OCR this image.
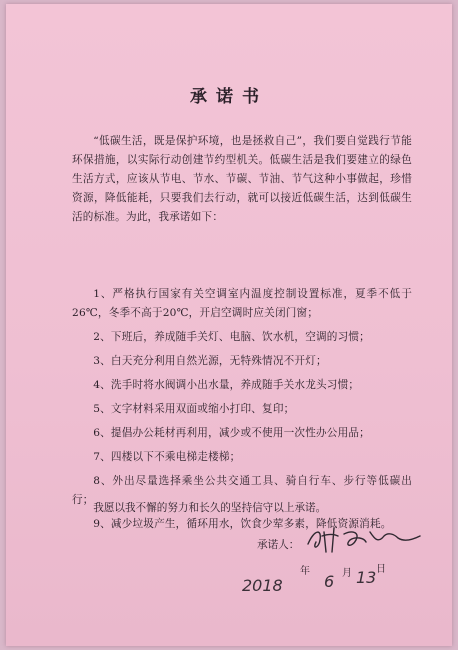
承诺书
“低碳生活，既是保护环境，也是拯救自己”，我们要自觉践行节能环保措施，以实际行动创建节约型机关。低碳生活是我们要建立的绿色生活方式，应该从节电、节水、节碳、节油、节气这种小事做起，珍惜资源，降低能耗，只要我们去行动，就可以接近低碳生活，达到低碳生活的标准。为此，我承诺如下：
1、严格执行国家有关空调室内温度控制设置标准，夏季不低于26℃，冬季不高于20℃，开启空调时应关闭门窗；
2、下班后，养成随手关灯、电脑、饮水机，空调的习惯；
3、白天充分利用自然光源，无特殊情况不开灯；
4、洗手时将水阀调小出水量，养成随手关水龙头习惯；
5、文字材料采用双面或缩小打印、复印；
6、提倡办公耗材再利用，减少或不使用一次性办公用品；
7、四楼以下不乘电梯走楼梯；
8、外出尽量选择乘坐公共交通工具、骑自行车、步行等低碳出行；
9、减少垃圾产生，循环用水，饮食少荤多素，降低资源消耗。
我愿以我不懈的努力和长久的坚持信守以上承诺。
承诺人：
2018
年
6 月 13 日
